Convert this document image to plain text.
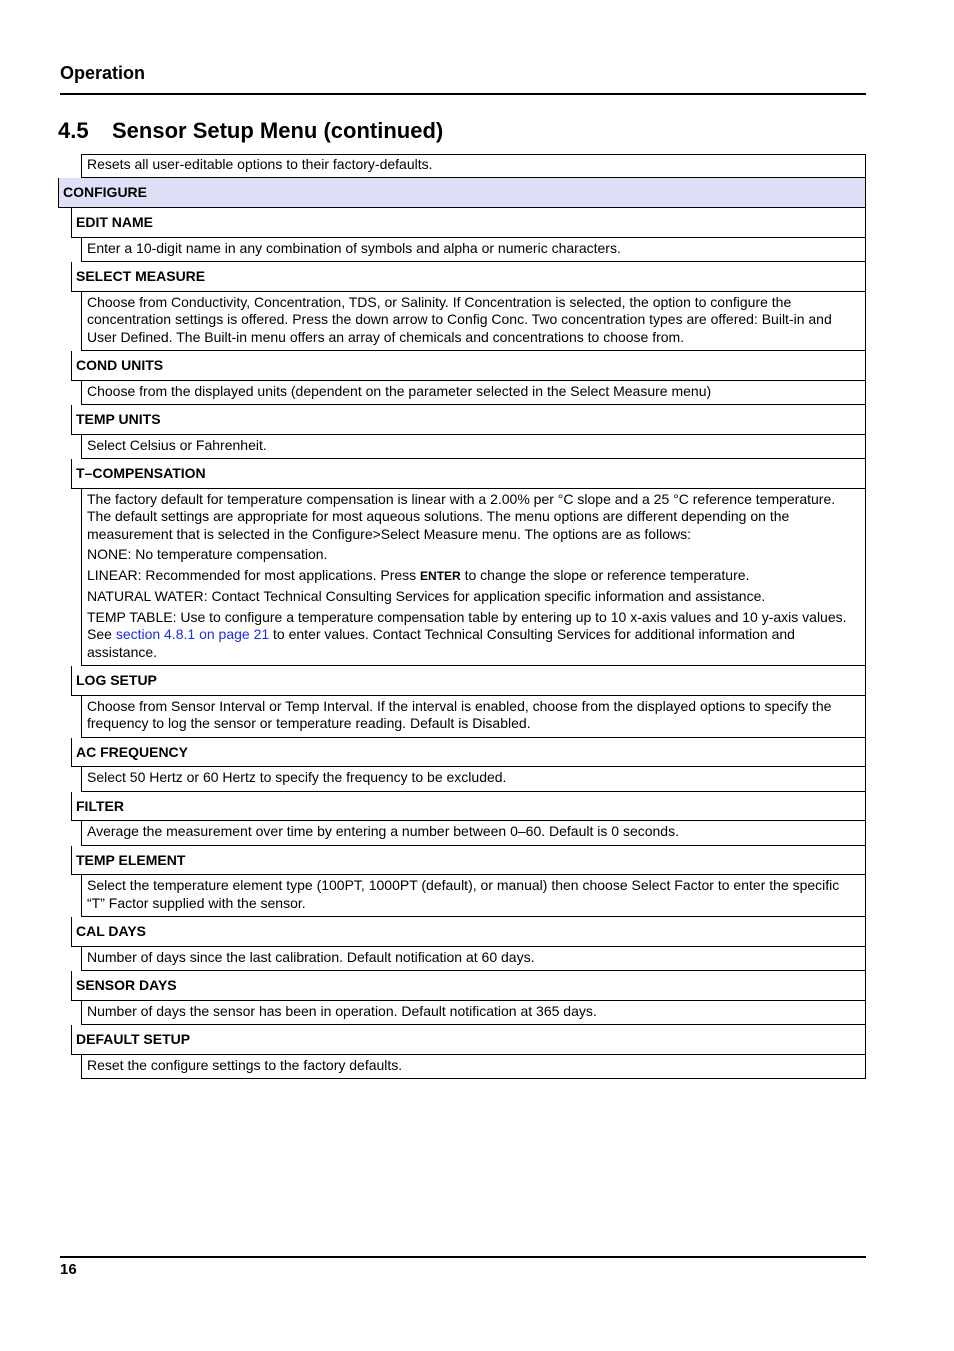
Operation
4.5 Sensor Setup Menu (continued)
Resets all user-editable options to their factory-defaults.
CONFIGURE
EDIT NAME
Enter a 10-digit name in any combination of symbols and alpha or numeric characters.
SELECT MEASURE
Choose from Conductivity, Concentration, TDS, or Salinity. If Concentration is selected, the option to configure the concentration settings is offered. Press the down arrow to Config Conc. Two concentration types are offered: Built-in and User Defined. The Built-in menu offers an array of chemicals and concentrations to choose from.
COND UNITS
Choose from the displayed units (dependent on the parameter selected in the Select Measure menu)
TEMP UNITS
Select Celsius or Fahrenheit.
T–COMPENSATION

The factory default for temperature compensation is linear with a 2.00% per °C slope and a 25 °C reference temperature. The default settings are appropriate for most aqueous solutions. The menu options are different depending on the measurement that is selected in the Configure>Select Measure menu. The options are as follows:

NONE: No temperature compensation.

LINEAR: Recommended for most applications. Press ENTER to change the slope or reference temperature.

NATURAL WATER: Contact Technical Consulting Services for application specific information and assistance.

TEMP TABLE: Use to configure a temperature compensation table by entering up to 10 x-axis values and 10 y-axis values. See section 4.8.1 on page 21 to enter values. Contact Technical Consulting Services for additional information and assistance.

LOG SETUP
Choose from Sensor Interval or Temp Interval. If the interval is enabled, choose from the displayed options to specify the frequency to log the sensor or temperature reading. Default is Disabled.
AC FREQUENCY
Select 50 Hertz or 60 Hertz to specify the frequency to be excluded.
FILTER
Average the measurement over time by entering a number between 0–60. Default is 0 seconds.
TEMP ELEMENT
Select the temperature element type (100PT, 1000PT (default), or manual) then choose Select Factor to enter the specific “T” Factor supplied with the sensor.
CAL DAYS
Number of days since the last calibration. Default notification at 60 days.
SENSOR DAYS
Number of days the sensor has been in operation. Default notification at 365 days.
DEFAULT SETUP
Reset the configure settings to the factory defaults.
16
